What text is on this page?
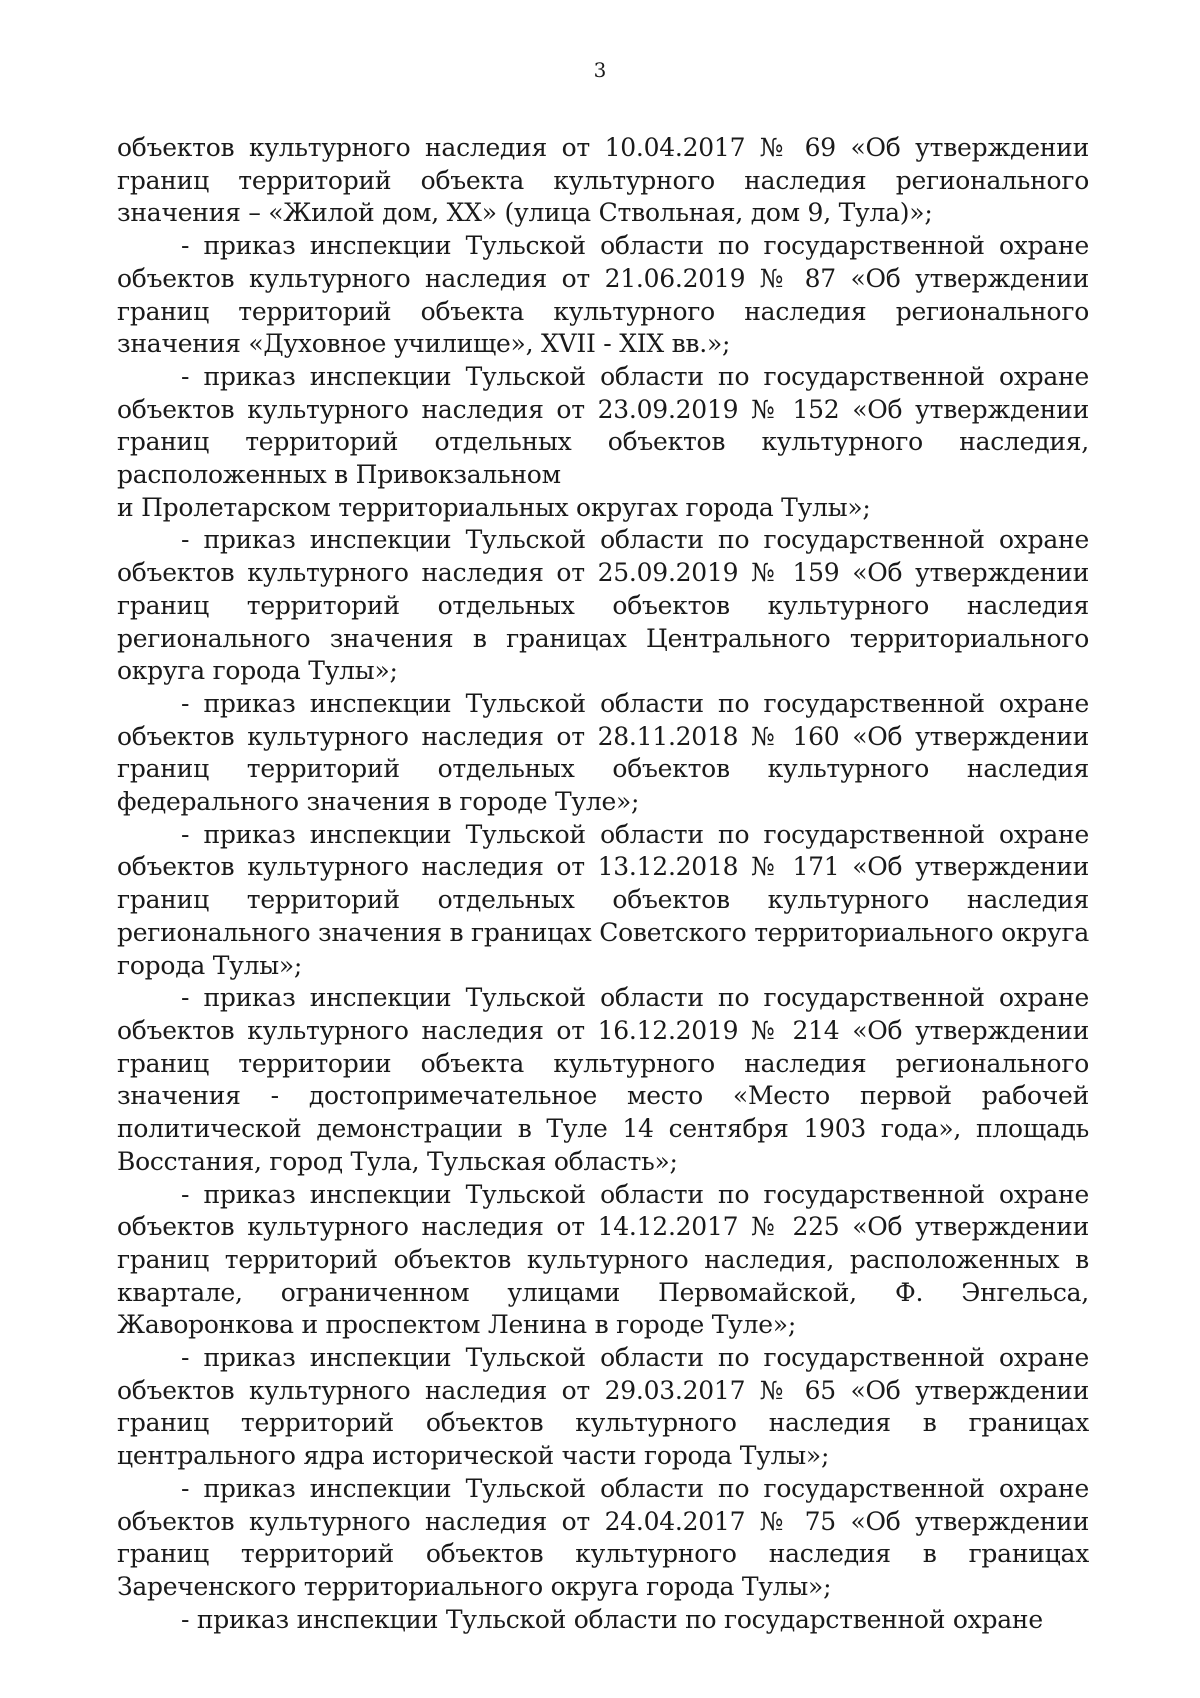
3

объектов культурного наследия от 10.04.2017 № 69 «Об утверждении границ территорий объекта культурного наследия регионального значения – «Жилой дом, XX» (улица Ствольная, дом 9, Тула)»;

- приказ инспекции Тульской области по государственной охране объектов культурного наследия от 21.06.2019 № 87 «Об утверждении границ территорий объекта культурного наследия регионального значения «Духовное училище», XVII - XIX вв.»;

- приказ инспекции Тульской области по государственной охране объектов культурного наследия от 23.09.2019 № 152 «Об утверждении границ территорий отдельных объектов культурного наследия, расположенных в Привокзальном

и Пролетарском территориальных округах города Тулы»;

- приказ инспекции Тульской области по государственной охране объектов культурного наследия от 25.09.2019 № 159 «Об утверждении границ территорий отдельных объектов культурного наследия регионального значения в границах Центрального территориального округа города Тулы»;

- приказ инспекции Тульской области по государственной охране объектов культурного наследия от 28.11.2018 № 160 «Об утверждении границ территорий отдельных объектов культурного наследия федерального значения в городе Туле»;

- приказ инспекции Тульской области по государственной охране объектов культурного наследия от 13.12.2018 № 171 «Об утверждении границ территорий отдельных объектов культурного наследия регионального значения в границах Советского территориального округа города Тулы»;

- приказ инспекции Тульской области по государственной охране объектов культурного наследия от 16.12.2019 № 214 «Об утверждении границ территории объекта культурного наследия регионального значения - достопримечательное место «Место первой рабочей политической демонстрации в Туле 14 сентября 1903 года», площадь Восстания, город Тула, Тульская область»;

- приказ инспекции Тульской области по государственной охране объектов культурного наследия от 14.12.2017 № 225 «Об утверждении границ территорий объектов культурного наследия, расположенных в квартале, ограниченном улицами Первомайской, Ф. Энгельса, Жаворонкова и проспектом Ленина в городе Туле»;

- приказ инспекции Тульской области по государственной охране объектов культурного наследия от 29.03.2017 № 65 «Об утверждении границ территорий объектов культурного наследия в границах центрального ядра исторической части города Тулы»;

- приказ инспекции Тульской области по государственной охране объектов культурного наследия от 24.04.2017 № 75 «Об утверждении границ территорий объектов культурного наследия в границах Зареченского территориального округа города Тулы»;

- приказ инспекции Тульской области по государственной охране
